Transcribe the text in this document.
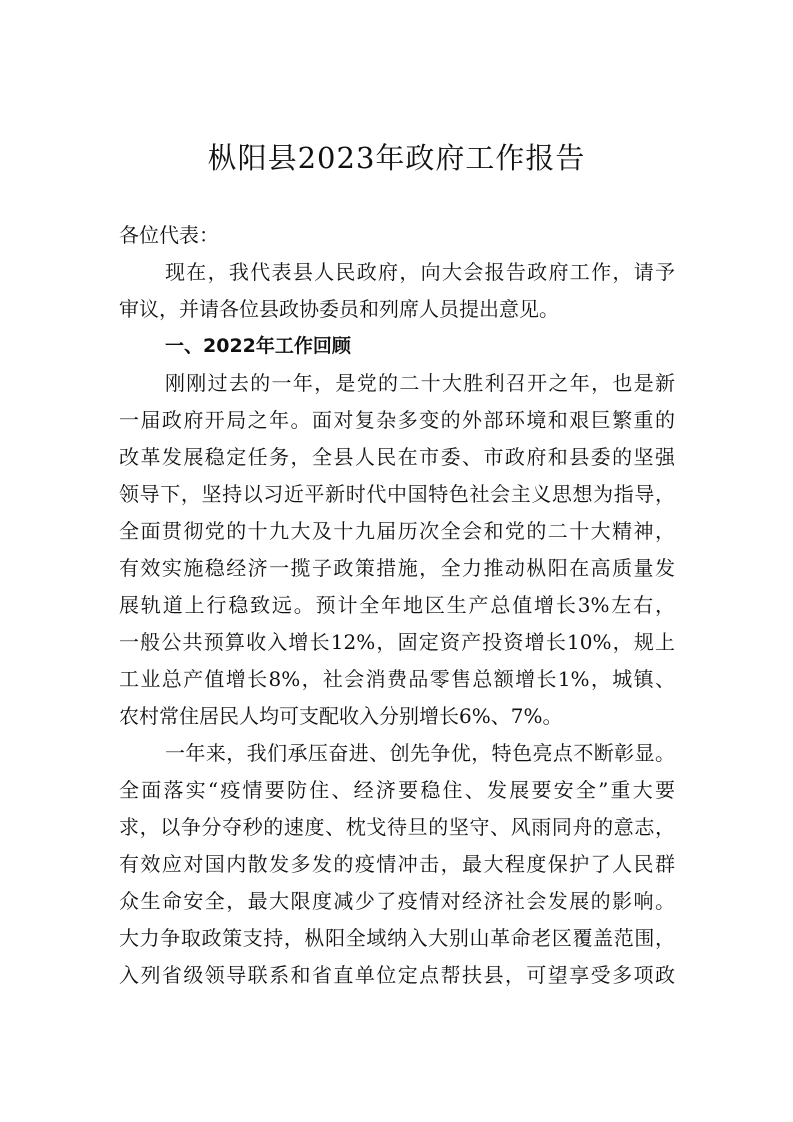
枞阳县2023年政府工作报告
各位代表：
现在，我代表县人民政府，向大会报告政府工作，请予
审议，并请各位县政协委员和列席人员提出意见。
一、2022年工作回顾
刚刚过去的一年，是党的二十大胜利召开之年，也是新
一届政府开局之年。面对复杂多变的外部环境和艰巨繁重的
改革发展稳定任务，全县人民在市委、市政府和县委的坚强
领导下，坚持以习近平新时代中国特色社会主义思想为指导，
全面贯彻党的十九大及十九届历次全会和党的二十大精神，
有效实施稳经济一揽子政策措施，全力推动枞阳在高质量发
展轨道上行稳致远。预计全年地区生产总值增长3%左右，
一般公共预算收入增长12%，固定资产投资增长10%，规上
工业总产值增长8%，社会消费品零售总额增长1%，城镇、
农村常住居民人均可支配收入分别增长6%、7%。
一年来，我们承压奋进、创先争优，特色亮点不断彰显。
全面落实“疫情要防住、经济要稳住、发展要安全”重大要
求，以争分夺秒的速度、枕戈待旦的坚守、风雨同舟的意志，
有效应对国内散发多发的疫情冲击，最大程度保护了人民群
众生命安全，最大限度减少了疫情对经济社会发展的影响。
大力争取政策支持，枞阳全域纳入大别山革命老区覆盖范围，
入列省级领导联系和省直单位定点帮扶县，可望享受多项政
